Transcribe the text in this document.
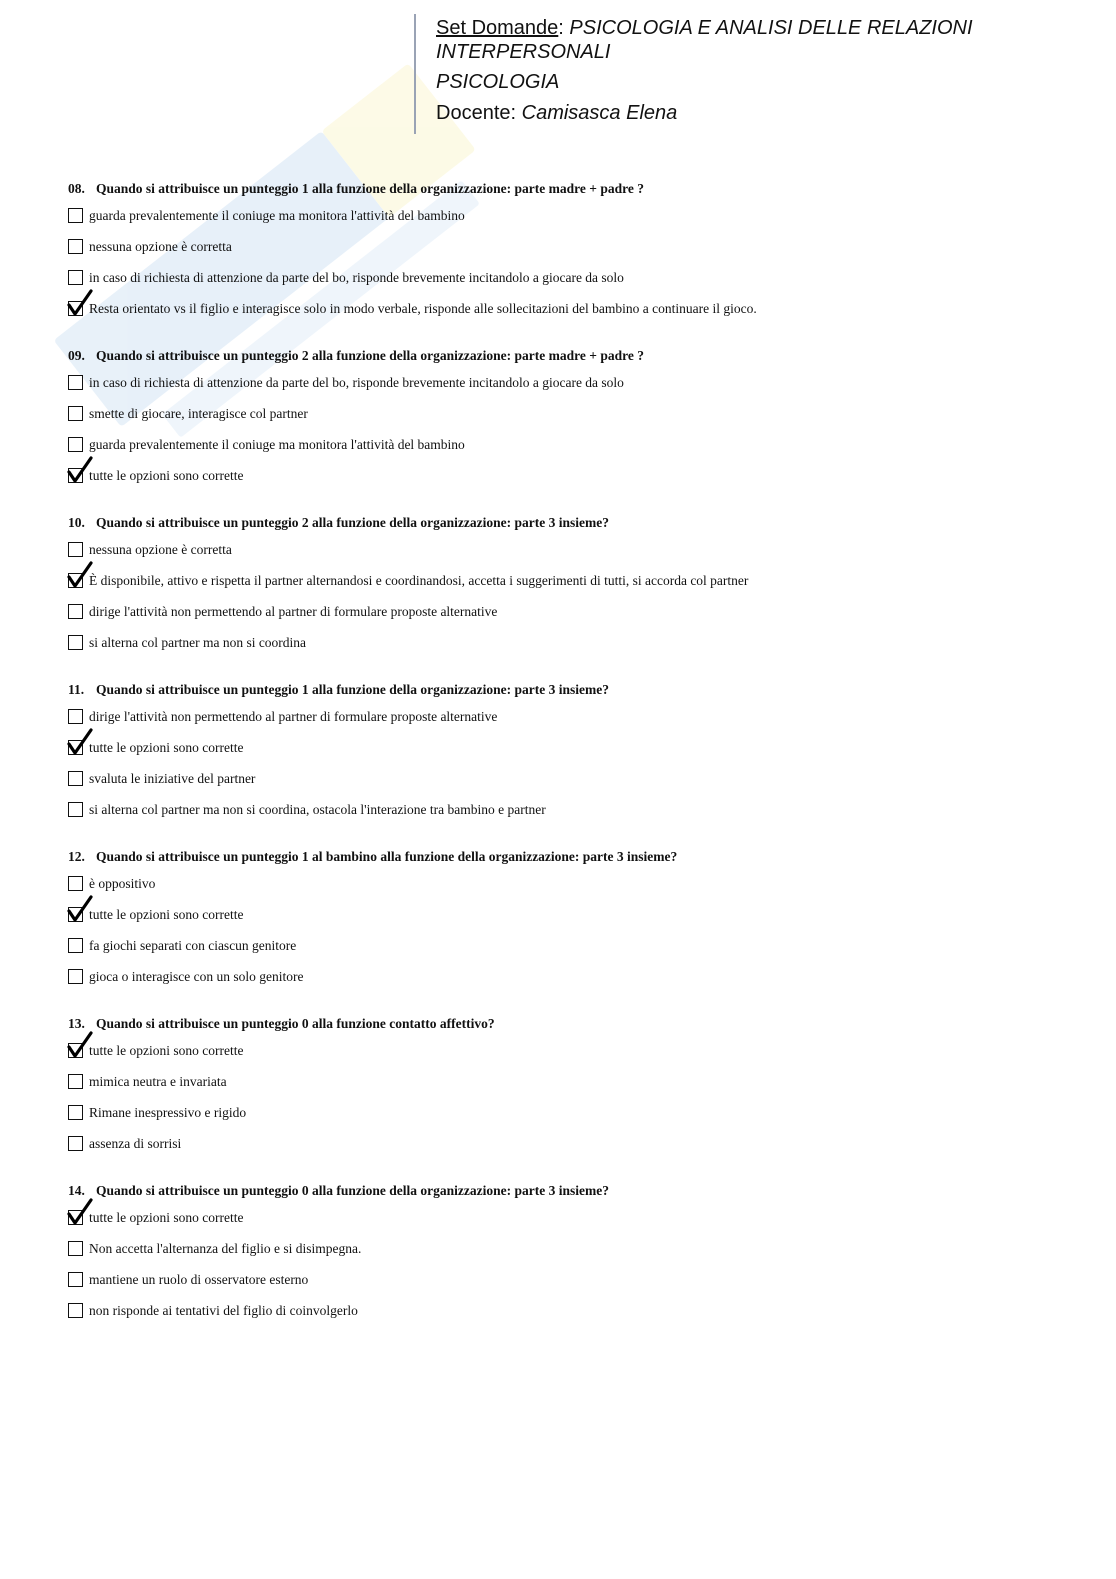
Set Domande: PSICOLOGIA E ANALISI DELLE RELAZIONI INTERPERSONALI
PSICOLOGIA
Docente: Camisasca Elena
08. Quando si attribuisce un punteggio 1 alla funzione della organizzazione: parte madre + padre ?
guarda prevalentemente il coniuge ma monitora l'attività del bambino
nessuna opzione è corretta
in caso di richiesta di attenzione da parte del bo, risponde brevemente incitandolo a giocare da solo
Resta orientato vs il figlio e interagisce solo in modo verbale, risponde alle sollecitazioni del bambino a continuare il gioco.
09. Quando si attribuisce un punteggio 2 alla funzione della organizzazione: parte madre + padre ?
in caso di richiesta di attenzione da parte del bo, risponde brevemente incitandolo a giocare da solo
smette di giocare, interagisce col partner
guarda prevalentemente il coniuge ma monitora l'attività del bambino
tutte le opzioni sono corrette
10. Quando si attribuisce un punteggio 2 alla funzione della organizzazione: parte 3 insieme?
nessuna opzione è corretta
È disponibile, attivo e rispetta il partner alternandosi e coordinandosi, accetta i suggerimenti di tutti, si accorda col partner
dirige l'attività non permettendo al partner di formulare proposte alternative
si alterna col partner ma non si coordina
11. Quando si attribuisce un punteggio 1 alla funzione della organizzazione: parte 3 insieme?
dirige l'attività non permettendo al partner di formulare proposte alternative
tutte le opzioni sono corrette
svaluta le iniziative del partner
si alterna col partner ma non si coordina, ostacola l'interazione tra bambino e partner
12. Quando si attribuisce un punteggio 1 al bambino alla funzione della organizzazione: parte 3 insieme?
è oppositivo
tutte le opzioni sono corrette
fa giochi separati con ciascun genitore
gioca o interagisce con un solo genitore
13. Quando si attribuisce un punteggio 0 alla funzione contatto affettivo?
tutte le opzioni sono corrette
mimica neutra e invariata
Rimane inespressivo e rigido
assenza di sorrisi
14. Quando si attribuisce un punteggio 0 alla funzione della organizzazione: parte 3 insieme?
tutte le opzioni sono corrette
Non accetta l'alternanza del figlio e si disimpegna.
mantiene un ruolo di osservatore esterno
non risponde ai tentativi del figlio di coinvolgerlo
